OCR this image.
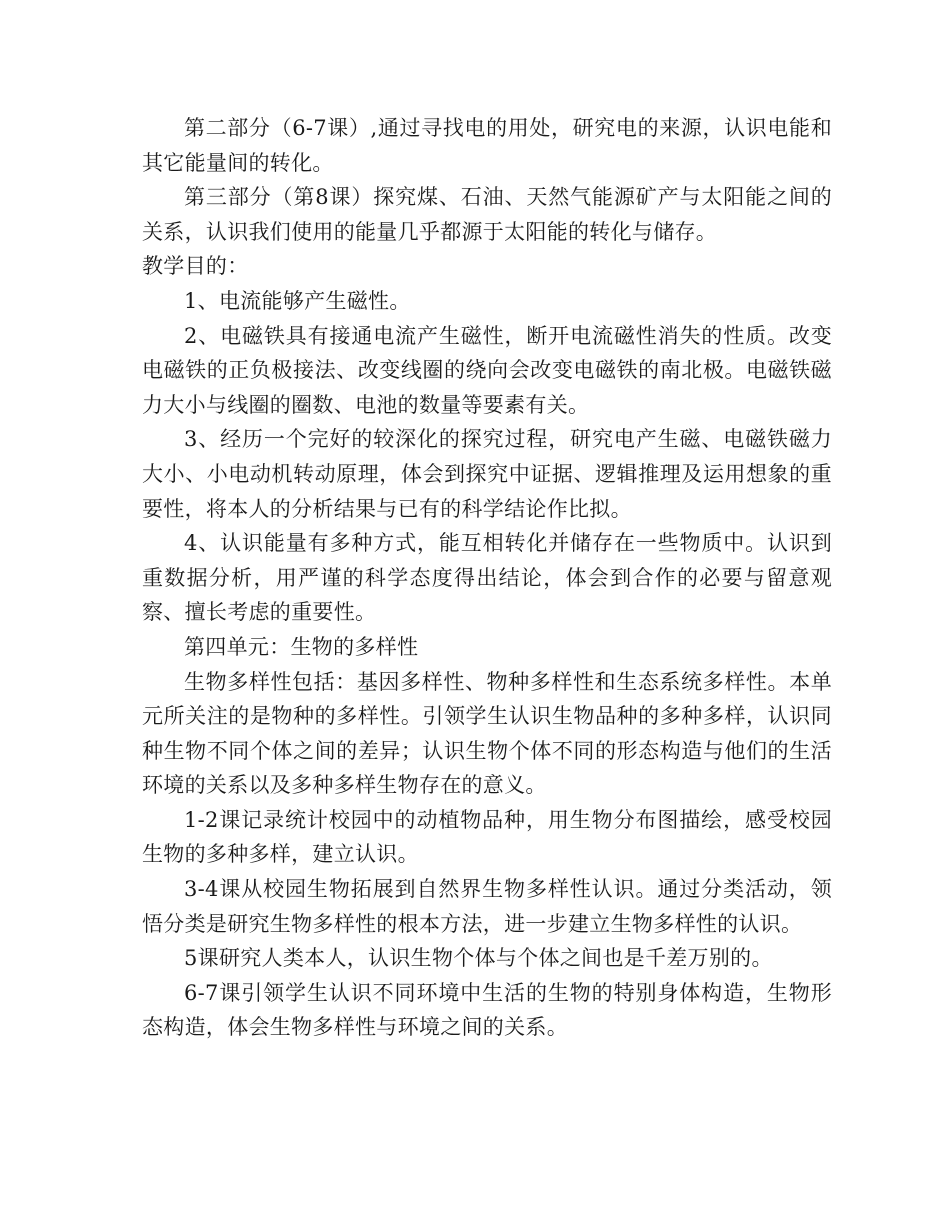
第二部分（6-7课）,通过寻找电的用处，研究电的来源，认识电能和其它能量间的转化。

第三部分（第8课）探究煤、石油、天然气能源矿产与太阳能之间的关系，认识我们使用的能量几乎都源于太阳能的转化与储存。

教学目的：

1、电流能够产生磁性。

2、电磁铁具有接通电流产生磁性，断开电流磁性消失的性质。改变电磁铁的正负极接法、改变线圈的绕向会改变电磁铁的南北极。电磁铁磁力大小与线圈的圈数、电池的数量等要素有关。

3、经历一个完好的较深化的探究过程，研究电产生磁、电磁铁磁力大小、小电动机转动原理，体会到探究中证据、逻辑推理及运用想象的重要性，将本人的分析结果与已有的科学结论作比拟。

4、认识能量有多种方式，能互相转化并储存在一些物质中。认识到重数据分析，用严谨的科学态度得出结论，体会到合作的必要与留意观察、擅长考虑的重要性。

第四单元：生物的多样性

生物多样性包括：基因多样性、物种多样性和生态系统多样性。本单元所关注的是物种的多样性。引领学生认识生物品种的多种多样，认识同种生物不同个体之间的差异；认识生物个体不同的形态构造与他们的生活环境的关系以及多种多样生物存在的意义。

1-2课记录统计校园中的动植物品种，用生物分布图描绘，感受校园生物的多种多样，建立认识。

3-4课从校园生物拓展到自然界生物多样性认识。通过分类活动，领悟分类是研究生物多样性的根本方法，进一步建立生物多样性的认识。

5课研究人类本人，认识生物个体与个体之间也是千差万别的。

6-7课引领学生认识不同环境中生活的生物的特别身体构造，生物形态构造，体会生物多样性与环境之间的关系。
